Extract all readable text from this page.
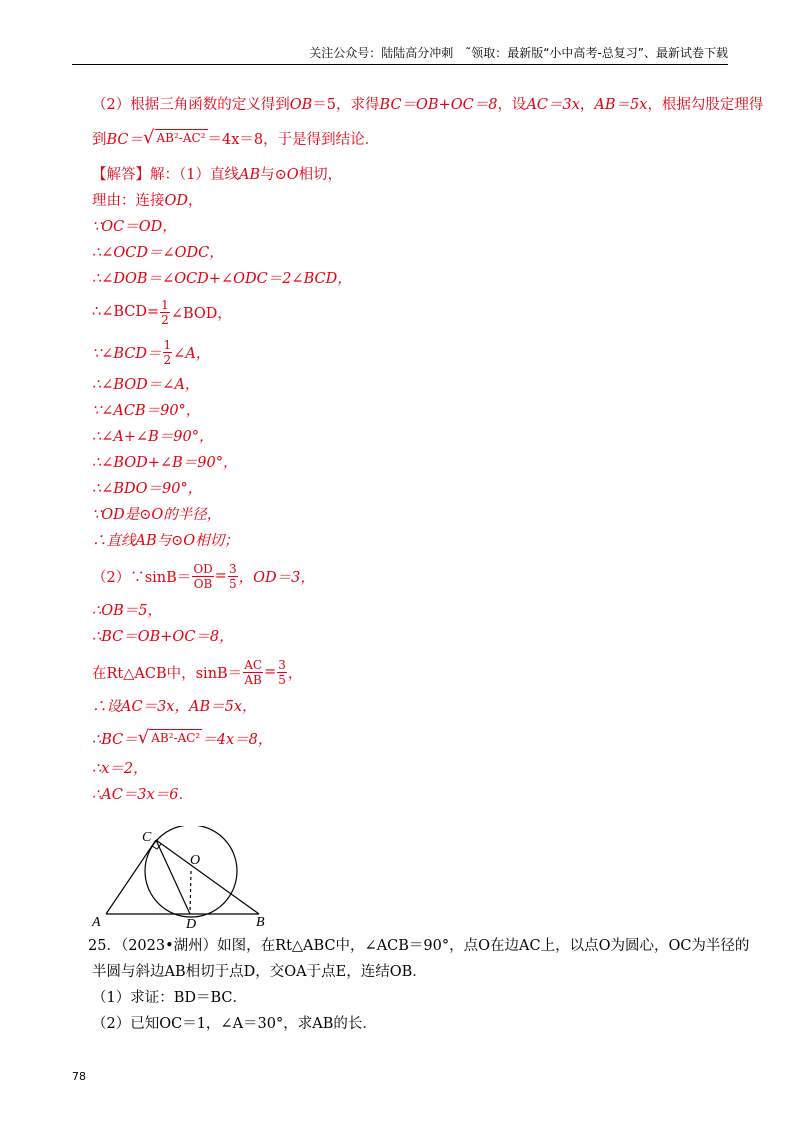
关注公众号：陆陆高分冲刺　˜领取：最新版“小中高考-总复习”、最新试卷下载
（2）根据三角函数的定义得到OB＝5，求得BC＝OB+OC＝8，设AC＝3x，AB＝5x，根据勾股定理得
到 BC＝ √ AB²-AC² ＝4x＝8，于是得到结论．
【解答】解：（1）直线AB与⊙O相切，
理由：连接OD，
∵OC＝OD，
∴∠OCD＝∠ODC，
∴∠DOB＝∠OCD+∠ODC＝2∠BCD，
∴∠BCD= $\frac{1}{2}$ ∠BOD，
∵∠BCD＝ $\frac{1}{2}$ ∠A，
∴∠BOD＝∠A，
∵∠ACB＝90°，
∴∠A+∠B＝90°，
∴∠BOD+∠B＝90°，
∴∠BDO＝90°，
∵OD是⊙O的半径，
∴直线AB与⊙O相切；
（2）∵sinB＝ $\frac{OD}{OB} = \frac{3}{5}$ ，OD＝3，
∴OB＝5，
∴BC＝OB+OC＝8，
在Rt△ACB中，$\sin B= \frac{AC}{AB} = \frac{3}{5}$ ，
∴设AC＝3x，AB＝5x，
∴BC＝ √ AB²-AC² ＝4x＝8，
∴x＝2，
∴AC＝3x＝6．
C
O
A	D	B
25．（2023•湖州）如图，在Rt△ABC中，∠ACB＝90°，点O在边AC上，以点O为圆心，OC为半径的
半圆与斜边AB相切于点D，交OA于点E，连结OB．
（1）求证：BD＝BC．
（2）已知OC＝1，∠A＝30°，求AB的长．
78
